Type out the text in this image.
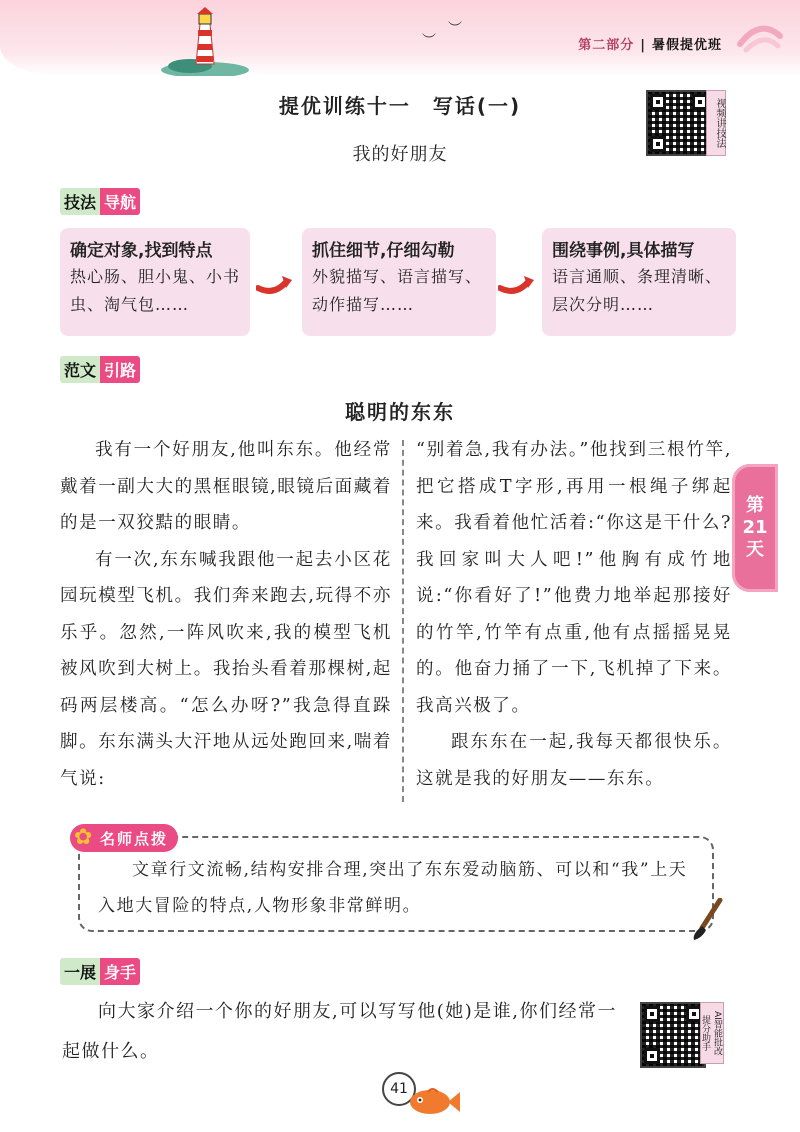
︶
︶
第二部分 | 暑假提优班
提优训练十一　写话(一)
我的好朋友
视频讲技法
技法 导航
确定对象,找到特点
热心肠、胆小鬼、小书虫、淘气包……
抓住细节,仔细勾勒
外貌描写、语言描写、动作描写……
围绕事例,具体描写
语言通顺、条理清晰、层次分明……
范文 引路
聪明的东东

我有一个好朋友,他叫东东。他经常戴着一副大大的黑框眼镜,眼镜后面藏着的是一双狡黠的眼睛。

有一次,东东喊我跟他一起去小区花园玩模型飞机。我们奔来跑去,玩得不亦乐乎。忽然,一阵风吹来,我的模型飞机被风吹到大树上。我抬头看着那棵树,起码两层楼高。“怎么办呀?”我急得直跺脚。东东满头大汗地从远处跑回来,喘着气说:

“别着急,我有办法。”他找到三根竹竿,把它搭成T字形,再用一根绳子绑起来。我看着他忙活着:“你这是干什么?我回家叫大人吧!”他胸有成竹地说:“你看好了!”他费力地举起那接好的竹竿,竹竿有点重,他有点摇摇晃晃的。他奋力捅了一下,飞机掉了下来。我高兴极了。

跟东东在一起,我每天都很快乐。这就是我的好朋友——东东。

第
21
天

文章行文流畅,结构安排合理,突出了东东爱动脑筋、可以和“我”上天入地大冒险的特点,人物形象非常鲜明。

✿ 名师点拨
一展 身手

向大家介绍一个你的好朋友,可以写写他(她)是谁,你们经常一起做什么。	AI智能批改提分助手
41
